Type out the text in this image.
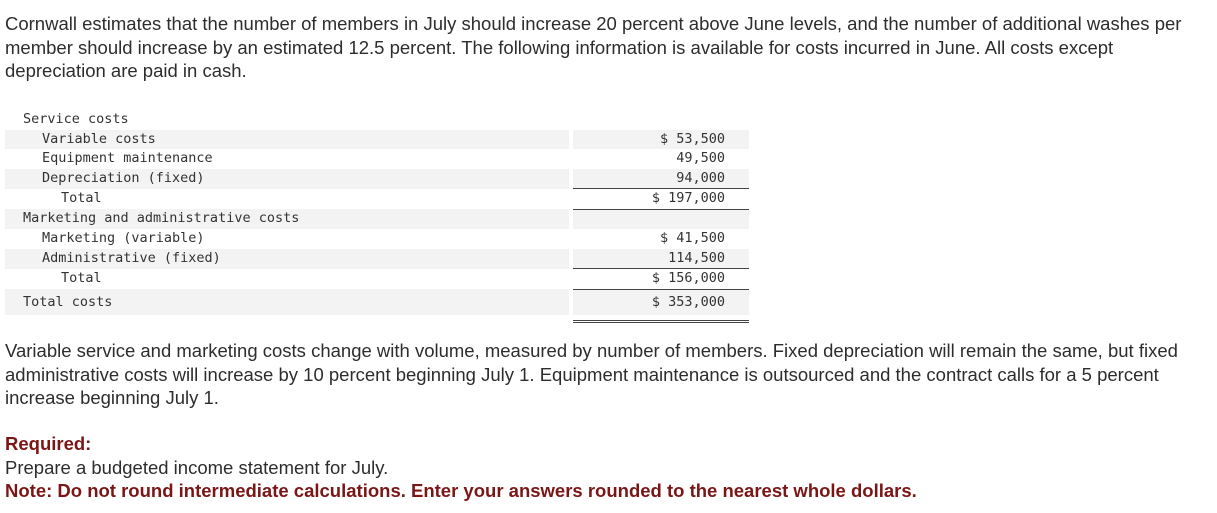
Cornwall estimates that the number of members in July should increase 20 percent above June levels, and the number of additional washes per member should increase by an estimated 12.5 percent. The following information is available for costs incurred in June. All costs except depreciation are paid in cash.

Service costs		
Variable costs		$ 53,500
Equipment maintenance		49,500
Depreciation (fixed)		94,000
Total		$ 197,000
Marketing and administrative costs		
Marketing (variable)		$ 41,500
Administrative (fixed)		114,500
Total		$ 156,000
Total costs		$ 353,000

Variable service and marketing costs change with volume, measured by number of members. Fixed depreciation will remain the same, but fixed administrative costs will increase by 10 percent beginning July 1. Equipment maintenance is outsourced and the contract calls for a 5 percent increase beginning July 1.

Required:
Prepare a budgeted income statement for July.
Note: Do not round intermediate calculations. Enter your answers rounded to the nearest whole dollars.
